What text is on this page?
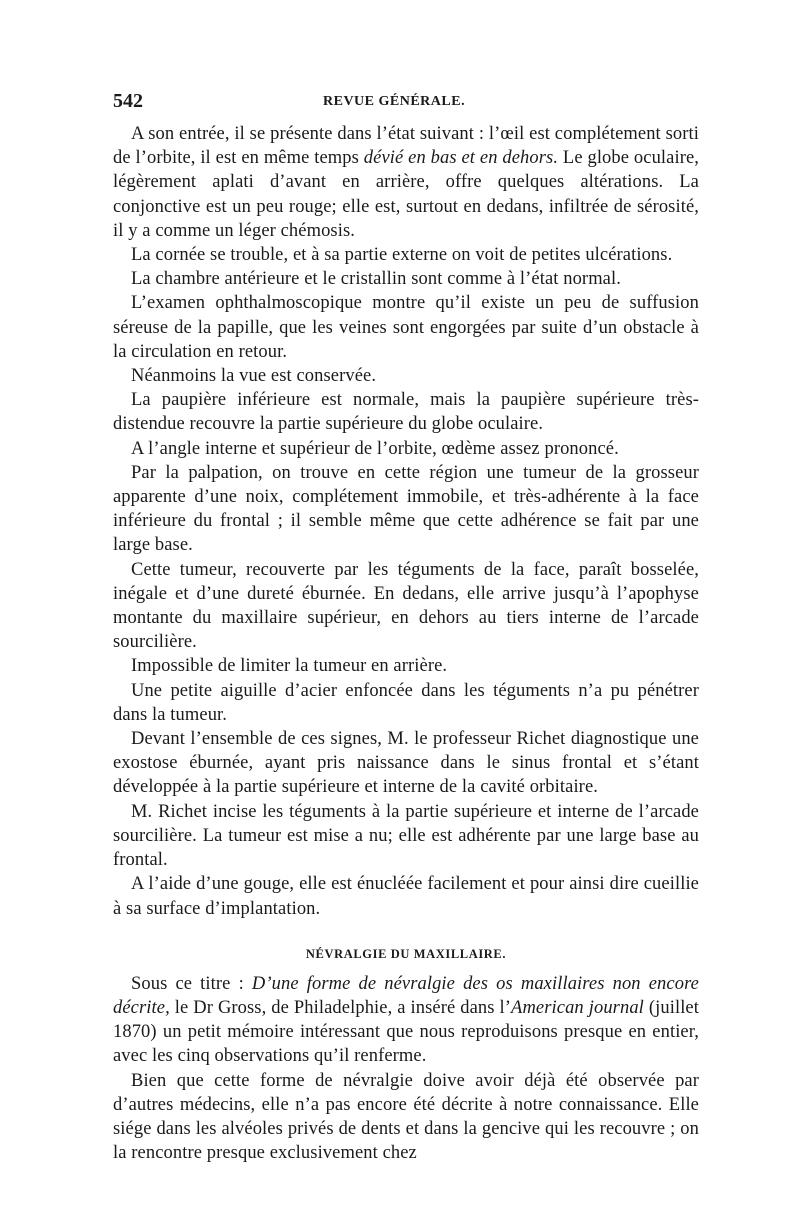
542	REVUE GÉNÉRALE.

A son entrée, il se présente dans l’état suivant : l’œil est complétement sorti de l’orbite, il est en même temps dévié en bas et en dehors. Le globe oculaire, légèrement aplati d’avant en arrière, offre quelques altérations. La conjonctive est un peu rouge; elle est, surtout en dedans, infiltrée de sérosité, il y a comme un léger chémosis.

La cornée se trouble, et à sa partie externe on voit de petites ulcérations.

La chambre antérieure et le cristallin sont comme à l’état normal.

L’examen ophthalmoscopique montre qu’il existe un peu de suffusion séreuse de la papille, que les veines sont engorgées par suite d’un obstacle à la circulation en retour.

Néanmoins la vue est conservée.

La paupière inférieure est normale, mais la paupière supérieure très-distendue recouvre la partie supérieure du globe oculaire.

A l’angle interne et supérieur de l’orbite, œdème assez prononcé.

Par la palpation, on trouve en cette région une tumeur de la grosseur apparente d’une noix, complétement immobile, et très-adhérente à la face inférieure du frontal ; il semble même que cette adhérence se fait par une large base.

Cette tumeur, recouverte par les téguments de la face, paraît bosselée, inégale et d’une dureté éburnée. En dedans, elle arrive jusqu’à l’apophyse montante du maxillaire supérieur, en dehors au tiers interne de l’arcade sourcilière.

Impossible de limiter la tumeur en arrière.

Une petite aiguille d’acier enfoncée dans les téguments n’a pu pénétrer dans la tumeur.

Devant l’ensemble de ces signes, M. le professeur Richet diagnostique une exostose éburnée, ayant pris naissance dans le sinus frontal et s’étant développée à la partie supérieure et interne de la cavité orbitaire.

M. Richet incise les téguments à la partie supérieure et interne de l’arcade sourcilière. La tumeur est mise a nu; elle est adhérente par une large base au frontal.

A l’aide d’une gouge, elle est énucléée facilement et pour ainsi dire cueillie à sa surface d’implantation.

NÉVRALGIE DU MAXILLAIRE.

Sous ce titre : D’une forme de névralgie des os maxillaires non encore décrite, le Dr Gross, de Philadelphie, a inséré dans l’American journal (juillet 1870) un petit mémoire intéressant que nous reproduisons presque en entier, avec les cinq observations qu’il renferme.

Bien que cette forme de névralgie doive avoir déjà été observée par d’autres médecins, elle n’a pas encore été décrite à notre connaissance. Elle siége dans les alvéoles privés de dents et dans la gencive qui les recouvre ; on la rencontre presque exclusivement chez
